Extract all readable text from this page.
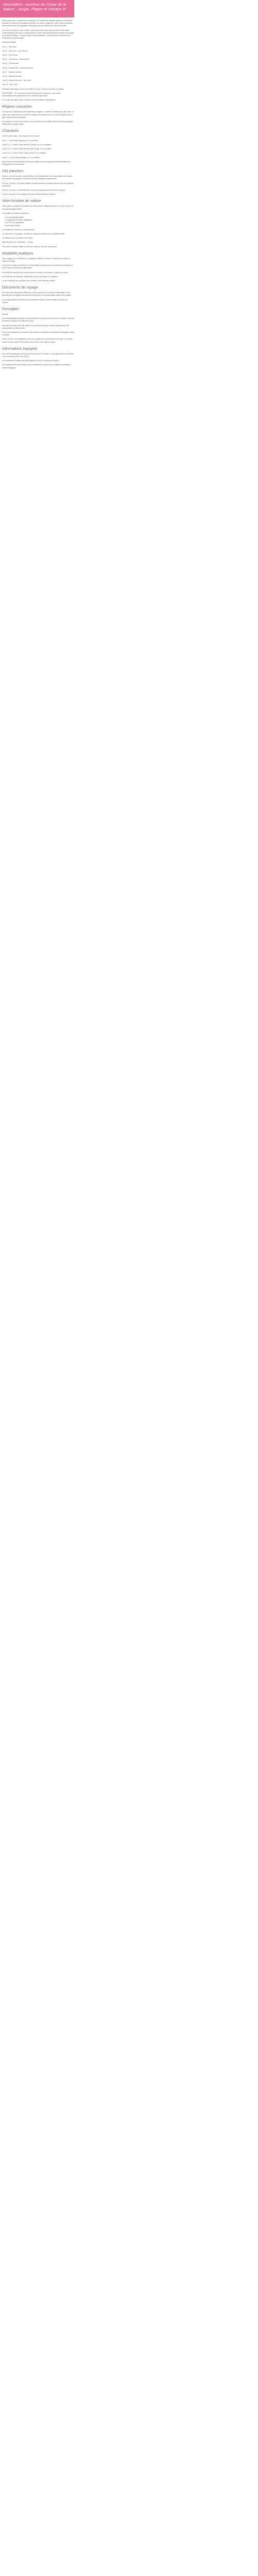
Description - Autotour Au Coeur de la Nature : Jungle, Plages et Volcans 3*

Embarquez pour un aventure inoubliable en Costa Rica, véritable joyau de l'Amérique centrale où croît une incroyable explosion de nature préservée, entre forêts tropicales, côtes immaculées et paysages volcaniques qui promettent de vous émerveiller.

Au fil de ce circuit en toute liberté, vous découvrirez des coins secrets et des sites emblématiques tels que le volcan Arenal, le parc national de Manuel Antonio et la plage de la côte Pacifique. Chaque étape est une invitation à la découverte d'une faune et d'une flore exceptionnelles.

Itinéraire détaillé :

Jour 1 : San José

Jour 2 : San José - La Fortuna

Jour 3 : La Fortuna

Jour 4 : La Fortuna - Monteverde

Jour 5 : Monteverde

Jour 6 : Monteverde - Manuel Antonio

Jour 7 : Manuel Antonio

Jour 8 : Manuel Antonio

Jour 9 : Manuel Antonio - San José

Jour 10 : San José

Protégez votre séjour avec la formule 12 mois / 24 mois de prise en charge.

IMPORTANT : Si vous optez pour la formule avec transport, vous serez automatiquement positionné sur un véhicule équivalent.

Le circuit peut varier selon la saison et les conditions climatiques.

Régions couvertes

Le séjour en Costa Rica couvre plusieurs régions : la Vallée Centrale avec San José, la région du volcan Arenal, la forêt de nuages de Monteverde et la côte Pacifique avec le parc national Manuel Antonio.

Les trajets en voiture de location vous permettent de profiter pleinement des paysages variés entre chaque étape.

Chambres

Durant votre séjour, vous logerez comme suit :

Jour 1 : nuit à Hôtel Aranjuez 3* ou similaire

Jours 2-3 : 2 nuits à Hotel Arenal Country Inn 3* ou similaire

Jours 4-5 : 2 nuits à Hotel Monteverde Lodge 3* ou similaire

Jours 6-8 : 3 nuits à Hotel Costa Verde 3* ou similaire

Jour 9 : 1 nuit à Hôtel Aranjuez 3* ou similaire

Nous vous recommandons de réserver rapidement pour garantir la disponibilité des hébergements mentionnés.

Vos passions

Dans ce coin du monde, vous profiterez de la randonnée, de l'observation de la faune, des activités nautiques et de la découverte culturelle costaricienne.

Du jour 2 au jour 3, la partie dédiée à la découverte du volcan Arenal et de ses sources thermales.

Du jour 4 au jour 5, à Monteverde, les ponts suspendus et la forêt de nuages.

Du jour 6 au jour 8, les plages et le parc national Manuel Antonio.

Votre location de voiture

Votre séjour comprend la location de voiture de la catégorie choisie, du jour 2 au jour 9, avec kilométrage illimité.

La location de voiture comprend :

• Le kilométrage illimité
• L'assurance de base obligatoire
• Le GPS ou équivalent
• Les taxes locales

La location de voiture ne comprend pas :

Le carburant, les péages, les frais de parking et l'assurance complémentaire.

Conditions pour la location de voiture :

Âge minimum du conducteur : 23 ans

Permis de conduire valide et carte de crédit au nom du conducteur

Modalités pratiques

Pour voyager au Costa Rica, un passeport valide au moins 6 mois après la date de retour est exigé.

Le jour de la prise du véhicule, la présentation du passeport, du permis de conduire et d'une carte de crédit sera demandée.

Les tarifs ne comprennent pas les taxes de sortie du territoire, à régler sur place.

Les frais liés aux activités optionnelles sont à la charge du voyageur.

Le prix s'entend par personne sur la base d'une chambre double.

Documents de voyage

Une fois votre réservation effectuée, vous recevrez un e-mail de confirmation et les documents de voyage vous seront envoyés par voie électronique avant votre départ.

Il vous appartient de vérifier les informations relatives aux formalités d'entrée en vigueur.

Formalités

Arrivée

Les ressortissants français doivent présenter un passeport en cours de validité couvrant la durée du séjour et un billet de retour.

Une taxe de sortie doit être réglée lors du départ du pays, dans la plupart des cas incluse dans le billet d'avion.

Il est recommandé de consulter le site officiel du Ministère des Affaires étrangères avant le départ.

Aucun vaccin n'est obligatoire pour les voyageurs en provenance d'Europe. Un vaccin contre la fièvre jaune est exigé si vous arrivez d'un pays à risque.

Informations transport

Les vols internationaux ne sont pas inclus dans ce forfait. Il vous appartient de réserver votre vol jusqu'à San José (SJO).

Les transferts et trajets entre les étapes se font en voiture de location.

Les trajets peuvent être sujets à des variations en raison des conditions routières et météorologiques.
